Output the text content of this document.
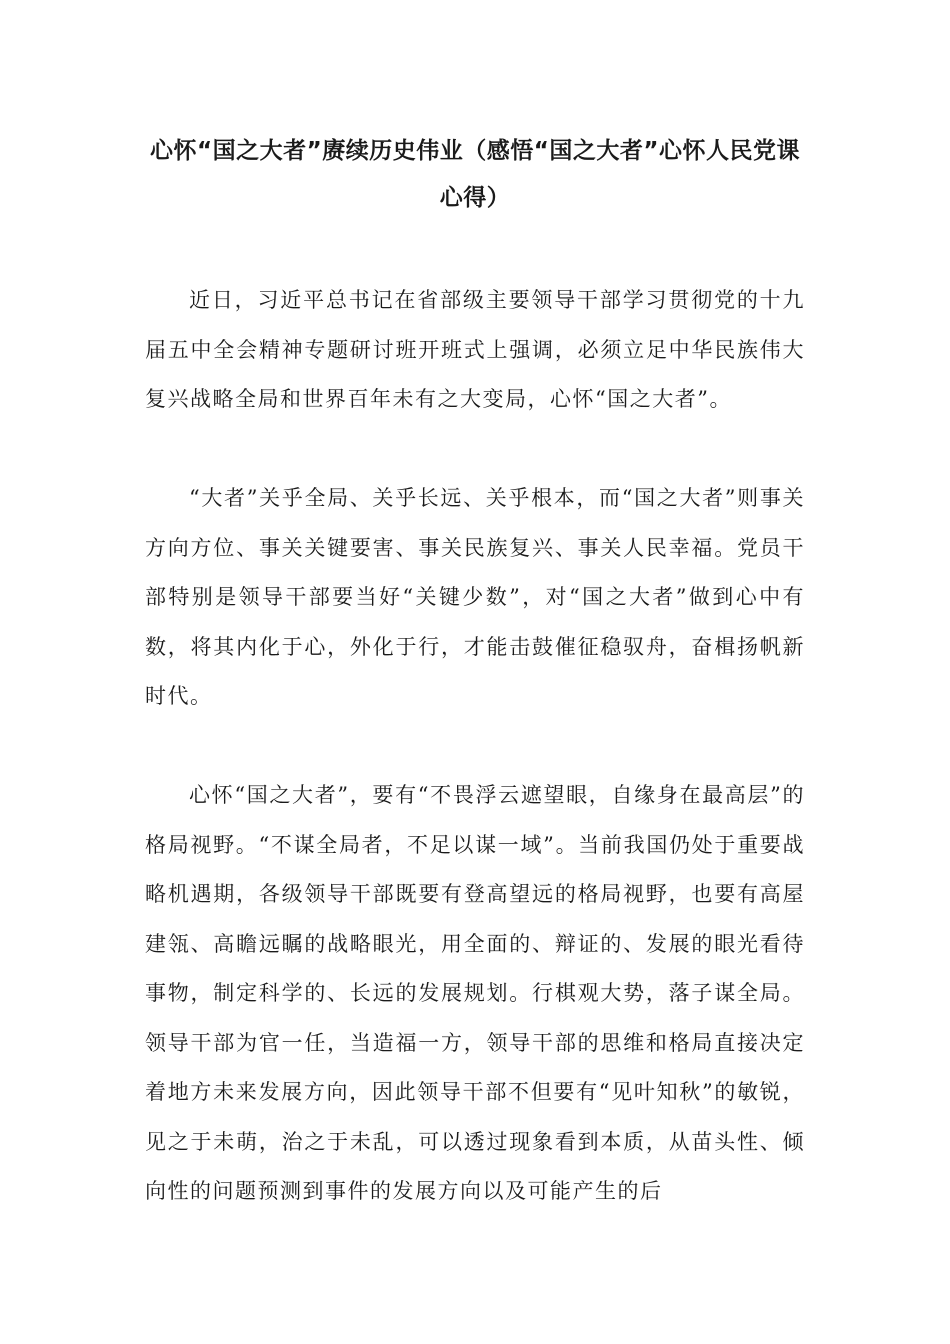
心怀“国之大者”赓续历史伟业（感悟“国之大者”心怀人民党课心得）

近日，习近平总书记在省部级主要领导干部学习贯彻党的十九届五中全会精神专题研讨班开班式上强调，必须立足中华民族伟大复兴战略全局和世界百年未有之大变局，心怀“国之大者”。

“大者”关乎全局、关乎长远、关乎根本，而“国之大者”则事关方向方位、事关关键要害、事关民族复兴、事关人民幸福。党员干部特别是领导干部要当好“关键少数”，对“国之大者”做到心中有数，将其内化于心，外化于行，才能击鼓催征稳驭舟，奋楫扬帆新时代。

心怀“国之大者”，要有“不畏浮云遮望眼，自缘身在最高层”的格局视野。“不谋全局者，不足以谋一域”。当前我国仍处于重要战略机遇期，各级领导干部既要有登高望远的格局视野，也要有高屋建瓴、高瞻远瞩的战略眼光，用全面的、辩证的、发展的眼光看待事物，制定科学的、长远的发展规划。行棋观大势，落子谋全局。领导干部为官一任，当造福一方，领导干部的思维和格局直接决定着地方未来发展方向，因此领导干部不但要有“见叶知秋”的敏锐，见之于未萌，治之于未乱，可以透过现象看到本质，从苗头性、倾向性的问题预测到事件的发展方向以及可能产生的后
